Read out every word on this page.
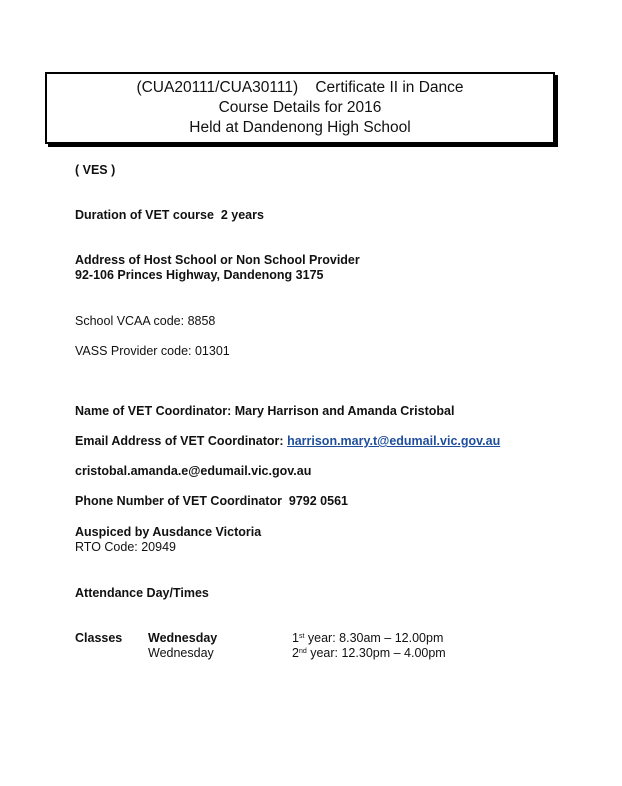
(CUA20111/CUA30111)    Certificate II in Dance
Course Details for 2016
Held at Dandenong High School
( VES )
Duration of VET course  2 years
Address of Host School or Non School Provider
92-106 Princes Highway, Dandenong 3175
School VCAA code: 8858
VASS Provider code: 01301
Name of VET Coordinator: Mary Harrison and Amanda Cristobal
Email Address of VET Coordinator: harrison.mary.t@edumail.vic.gov.au
cristobal.amanda.e@edumail.vic.gov.au
Phone Number of VET Coordinator  9792 0561
Auspiced by Ausdance Victoria
RTO Code: 20949
Attendance Day/Times
Classes Wednesday	1st year: 8.30am – 12.00pm
Wednesday	2nd year: 12.30pm – 4.00pm
